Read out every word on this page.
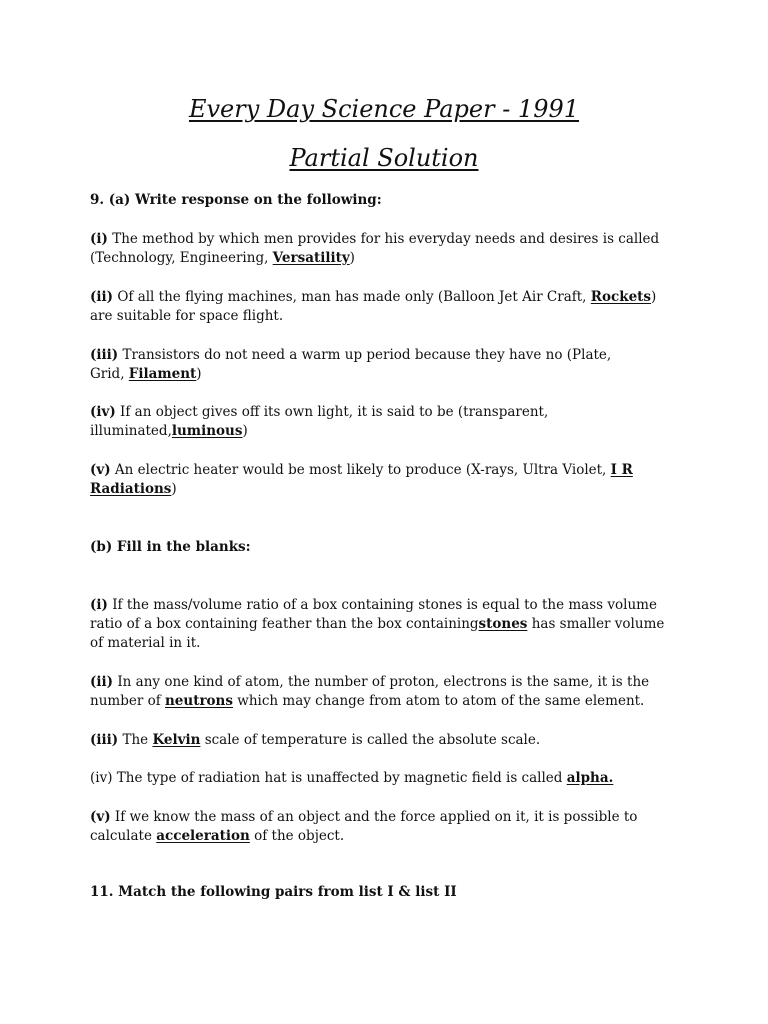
Every Day Science Paper - 1991
Partial Solution

9. (a) Write response on the following:

(i) The method by which men provides for his everyday needs and desires is called (Technology, Engineering, Versatility)

(ii) Of all the flying machines, man has made only (Balloon Jet Air Craft, Rockets) are suitable for space flight.

(iii) Transistors do not need a warm up period because they have no (Plate,
Grid, Filament)

(iv) If an object gives off its own light, it is said to be (transparent,
illuminated,luminous)

(v) An electric heater would be most likely to produce (X-rays, Ultra Violet, I R
Radiations)

(b) Fill in the blanks:

(i) If the mass/volume ratio of a box containing stones is equal to the mass volume ratio of a box containing feather than the box containingstones has smaller volume of material in it.

(ii) In any one kind of atom, the number of proton, electrons is the same, it is the number of neutrons which may change from atom to atom of the same element.

(iii) The Kelvin scale of temperature is called the absolute scale.

(iv) The type of radiation hat is unaffected by magnetic field is called alpha.

(v) If we know the mass of an object and the force applied on it, it is possible to calculate acceleration of the object.

11. Match the following pairs from list I & list II
